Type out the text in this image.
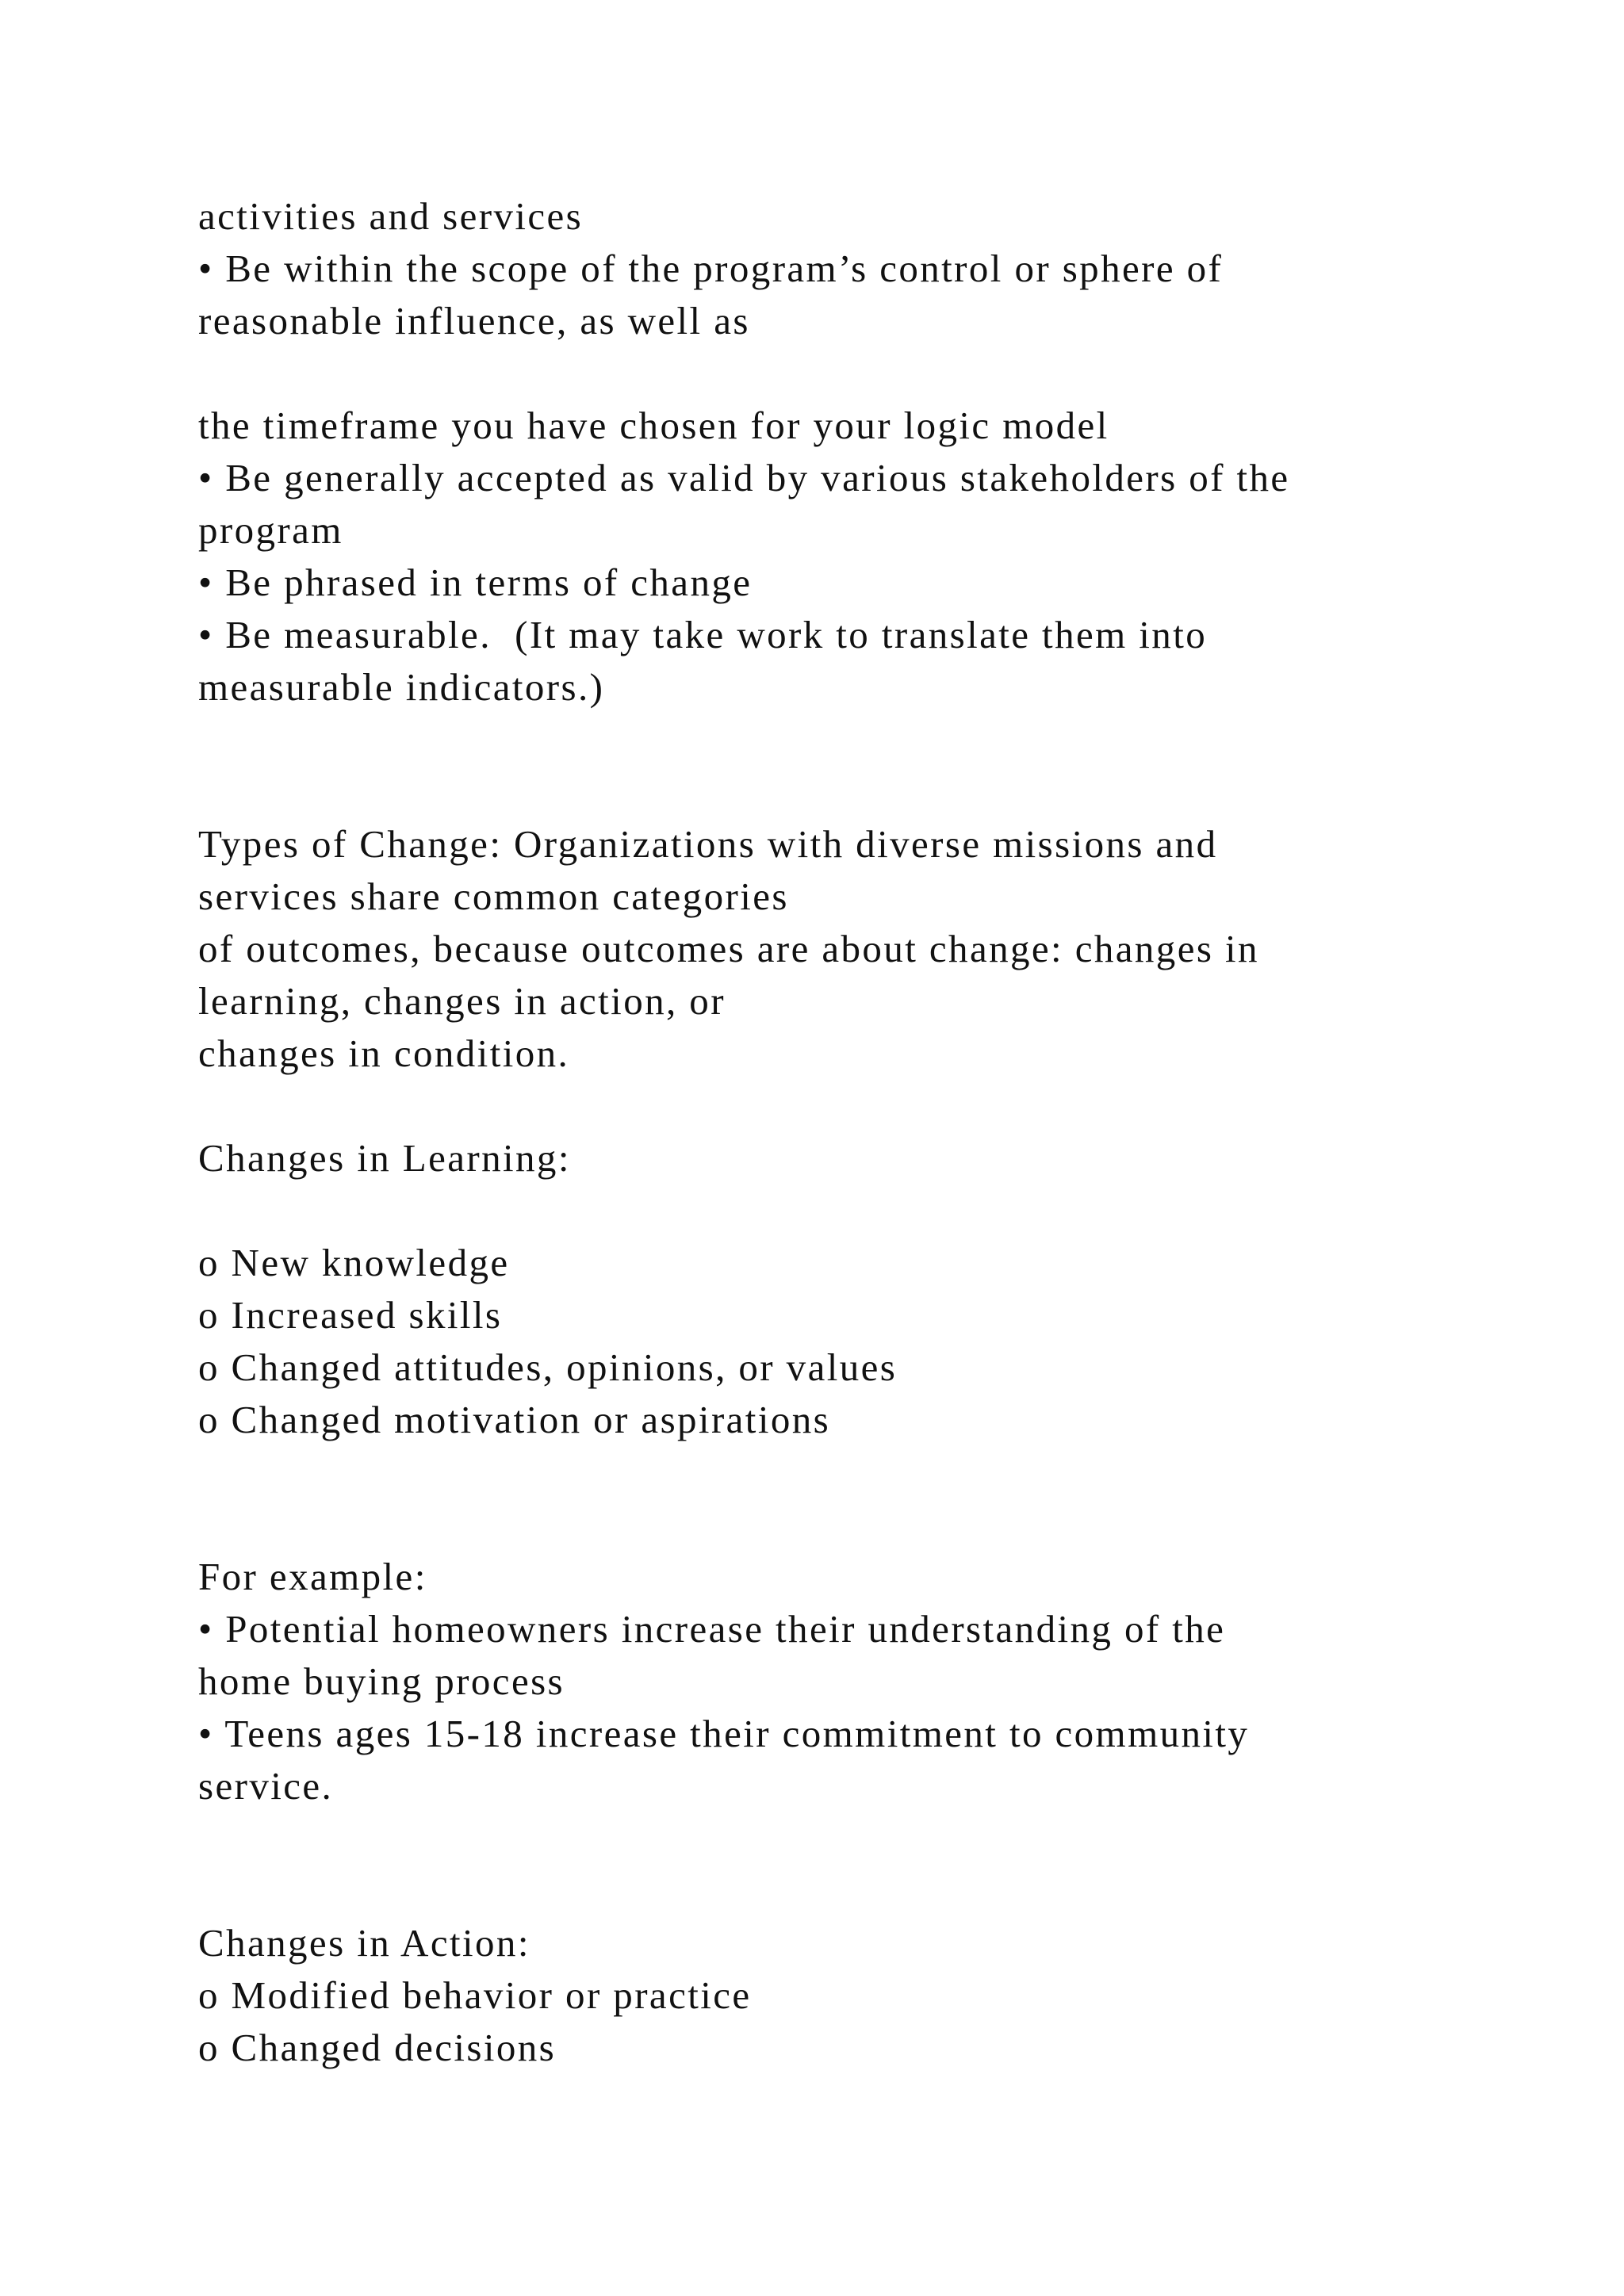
activities and services
• Be within the scope of the program’s control or sphere of
reasonable influence, as well as
the timeframe you have chosen for your logic model
• Be generally accepted as valid by various stakeholders of the
program
• Be phrased in terms of change
• Be measurable.  (It may take work to translate them into
measurable indicators.)
Types of Change: Organizations with diverse missions and
services share common categories
of outcomes, because outcomes are about change: changes in
learning, changes in action, or
changes in condition.
Changes in Learning:
o New knowledge
o Increased skills
o Changed attitudes, opinions, or values
o Changed motivation or aspirations
For example:
• Potential homeowners increase their understanding of the
home buying process
• Teens ages 15-18 increase their commitment to community
service.
Changes in Action:
o Modified behavior or practice
o Changed decisions
